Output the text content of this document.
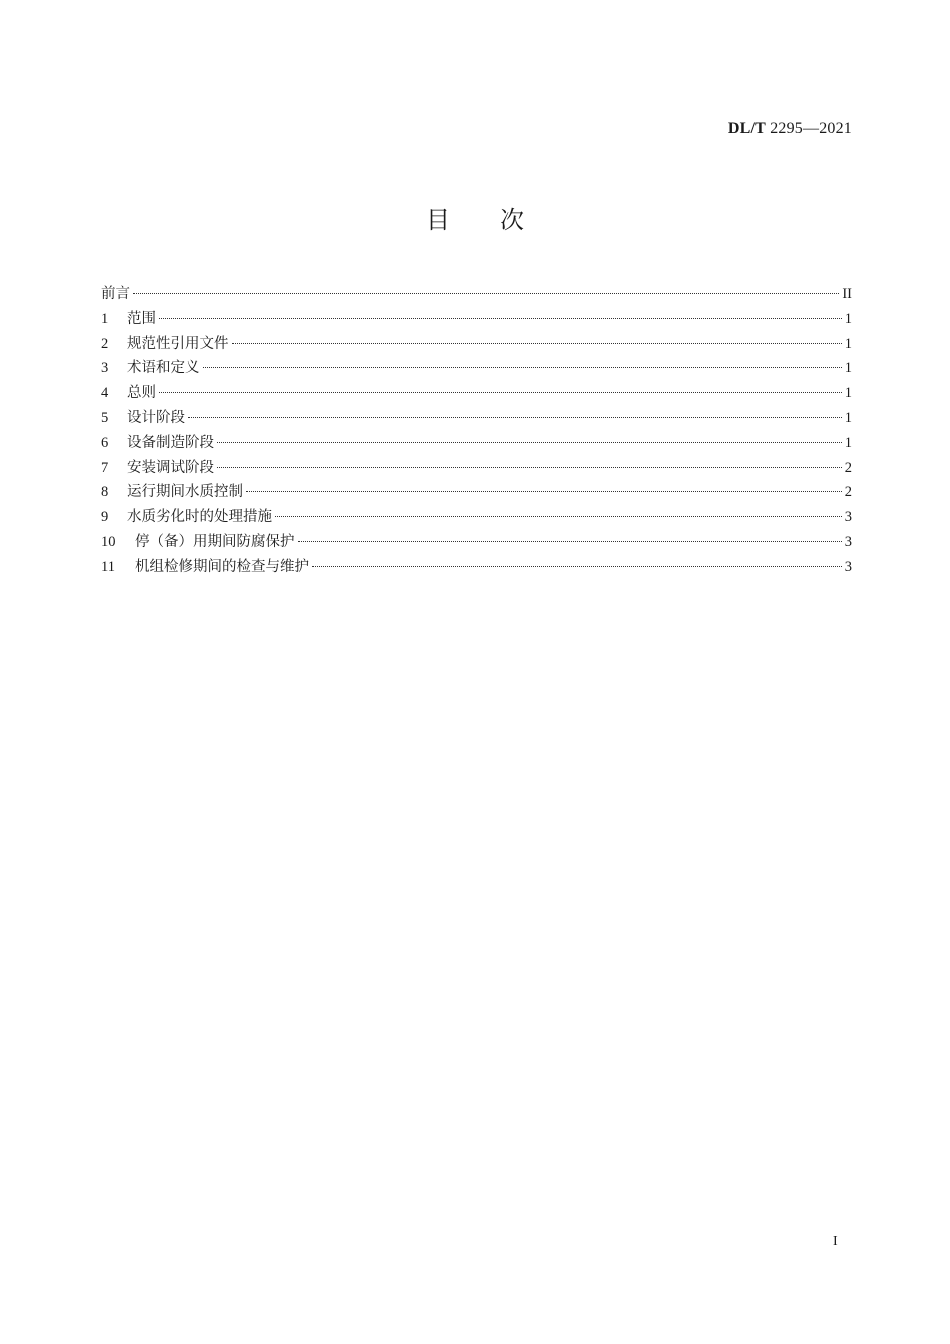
DL/T 2295—2021
目 次
前言	II
1	范围	1
2	规范性引用文件	1
3	术语和定义	1
4	总则	1
5	设计阶段	1
6	设备制造阶段	1
7	安装调试阶段	2
8	运行期间水质控制	2
9	水质劣化时的处理措施	3
10	停（备）用期间防腐保护	3
11	机组检修期间的检查与维护	3
I
